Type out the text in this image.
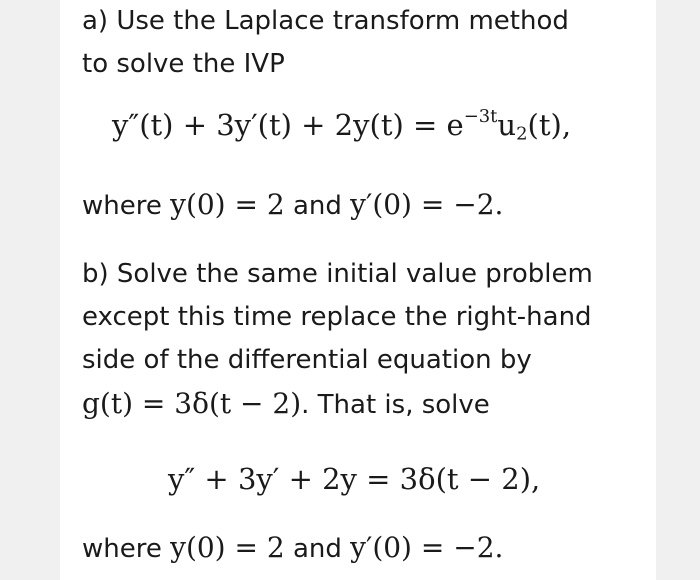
a) Use the Laplace transform method
to solve the IVP
$y''(t) + 3y'(t) + 2y(t) = e^{-3t}u_2(t)$,
where y(0) = 2 and y′(0) = −2.
b) Solve the same initial value problem
except this time replace the right-hand
side of the differential equation by
g(t) = 3δ(t − 2). That is, solve
y″ + 3y′ + 2y = 3δ(t − 2),
where y(0) = 2 and y′(0) = −2.
